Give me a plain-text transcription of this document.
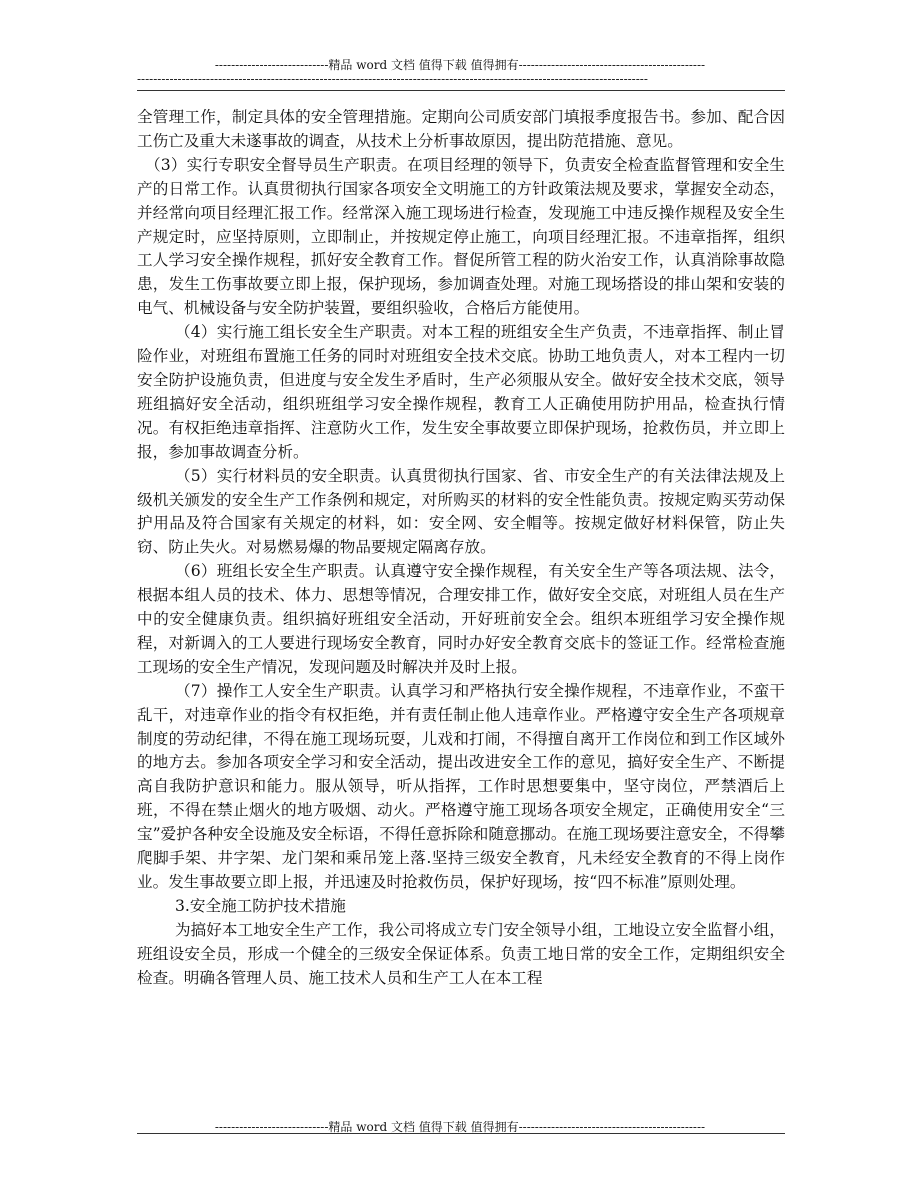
----------------------------精品 word 文档 值得下载 值得拥有----------------------------------------------
------------------------------------------------------------------------------------------------------------------------------

全管理工作，制定具体的安全管理措施。定期向公司质安部门填报季度报告书。参加、配合因工伤亡及重大未遂事故的调查，从技术上分析事故原因，提出防范措施、意见。

（3）实行专职安全督导员生产职责。在项目经理的领导下，负责安全检查监督管理和安全生产的日常工作。认真贯彻执行国家各项安全文明施工的方针政策法规及要求，掌握安全动态，并经常向项目经理汇报工作。经常深入施工现场进行检查，发现施工中违反操作规程及安全生产规定时，应坚持原则，立即制止，并按规定停止施工，向项目经理汇报。不违章指挥，组织工人学习安全操作规程，抓好安全教育工作。督促所管工程的防火治安工作，认真消除事故隐患，发生工伤事故要立即上报，保护现场，参加调查处理。对施工现场搭设的排山架和安装的电气、机械设备与安全防护装置，要组织验收，合格后方能使用。

（4）实行施工组长安全生产职责。对本工程的班组安全生产负责，不违章指挥、制止冒险作业，对班组布置施工任务的同时对班组安全技术交底。协助工地负责人，对本工程内一切安全防护设施负责，但进度与安全发生矛盾时，生产必须服从安全。做好安全技术交底，领导班组搞好安全活动，组织班组学习安全操作规程，教育工人正确使用防护用品，检查执行情况。有权拒绝违章指挥、注意防火工作，发生安全事故要立即保护现场，抢救伤员，并立即上报，参加事故调查分析。

（5）实行材料员的安全职责。认真贯彻执行国家、省、市安全生产的有关法律法规及上级机关颁发的安全生产工作条例和规定，对所购买的材料的安全性能负责。按规定购买劳动保护用品及符合国家有关规定的材料，如：安全网、安全帽等。按规定做好材料保管，防止失窃、防止失火。对易燃易爆的物品要规定隔离存放。

（6）班组长安全生产职责。认真遵守安全操作规程，有关安全生产等各项法规、法令，根据本组人员的技术、体力、思想等情况，合理安排工作，做好安全交底，对班组人员在生产中的安全健康负责。组织搞好班组安全活动，开好班前安全会。组织本班组学习安全操作规程，对新调入的工人要进行现场安全教育，同时办好安全教育交底卡的签证工作。经常检查施工现场的安全生产情况，发现问题及时解决并及时上报。

（7）操作工人安全生产职责。认真学习和严格执行安全操作规程，不违章作业，不蛮干乱干，对违章作业的指令有权拒绝，并有责任制止他人违章作业。严格遵守安全生产各项规章制度的劳动纪律，不得在施工现场玩耍，儿戏和打闹，不得擅自离开工作岗位和到工作区域外的地方去。参加各项安全学习和安全活动，提出改进安全工作的意见，搞好安全生产、不断提高自我防护意识和能力。服从领导，听从指挥，工作时思想要集中，坚守岗位，严禁酒后上班，不得在禁止烟火的地方吸烟、动火。严格遵守施工现场各项安全规定，正确使用安全“三宝”爱护各种安全设施及安全标语，不得任意拆除和随意挪动。在施工现场要注意安全，不得攀爬脚手架、井字架、龙门架和乘吊笼上落.坚持三级安全教育，凡未经安全教育的不得上岗作业。发生事故要立即上报，并迅速及时抢救伤员，保护好现场，按“四不标准”原则处理。

3.安全施工防护技术措施

为搞好本工地安全生产工作，我公司将成立专门安全领导小组，工地设立安全监督小组，班组设安全员，形成一个健全的三级安全保证体系。负责工地日常的安全工作，定期组织安全检查。明确各管理人员、施工技术人员和生产工人在本工程

----------------------------精品 word 文档 值得下载 值得拥有----------------------------------------------
